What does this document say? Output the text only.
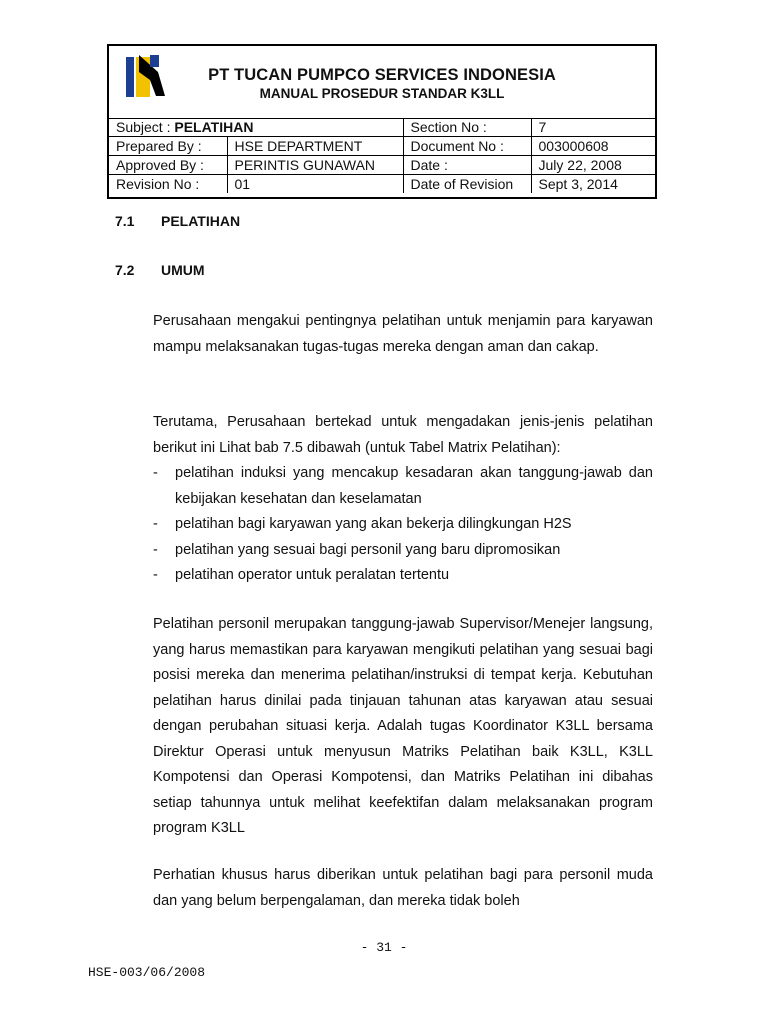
PT TUCAN PUMPCO SERVICES INDONESIA
MANUAL PROSEDUR STANDAR K3LL
Subject : PELATIHAN		Section No :	7
Prepared By :	HSE DEPARTMENT	Document No :	003000608
Approved By :	PERINTIS GUNAWAN	Date :	July 22, 2008
Revision No :	01	Date of Revision	Sept 3, 2014
7.1 PELATIHAN
7.2 UMUM
Perusahaan mengakui pentingnya pelatihan untuk menjamin para karyawan mampu melaksanakan tugas-tugas mereka dengan aman dan cakap.
Terutama, Perusahaan bertekad untuk mengadakan jenis-jenis pelatihan berikut ini Lihat bab 7.5 dibawah (untuk Tabel Matrix Pelatihan):
- pelatihan induksi yang mencakup kesadaran akan tanggung-jawab dan kebijakan kesehatan dan keselamatan
- pelatihan bagi karyawan yang akan bekerja dilingkungan H2S
- pelatihan yang sesuai bagi personil yang baru dipromosikan
- pelatihan operator untuk peralatan tertentu
Pelatihan personil merupakan tanggung-jawab Supervisor/Menejer langsung, yang harus memastikan para karyawan mengikuti pelatihan yang sesuai bagi posisi mereka dan menerima pelatihan/instruksi di tempat kerja. Kebutuhan pelatihan harus dinilai pada tinjauan tahunan atas karyawan atau sesuai dengan perubahan situasi kerja. Adalah tugas Koordinator K3LL bersama Direktur Operasi untuk menyusun Matriks Pelatihan baik K3LL, K3LL Kompotensi dan Operasi Kompotensi, dan Matriks Pelatihan ini dibahas setiap tahunnya untuk melihat keefektifan dalam melaksanakan program program K3LL
Perhatian khusus harus diberikan untuk pelatihan bagi para personil muda dan yang belum berpengalaman, dan mereka tidak boleh
- 31 -
HSE-003/06/2008
